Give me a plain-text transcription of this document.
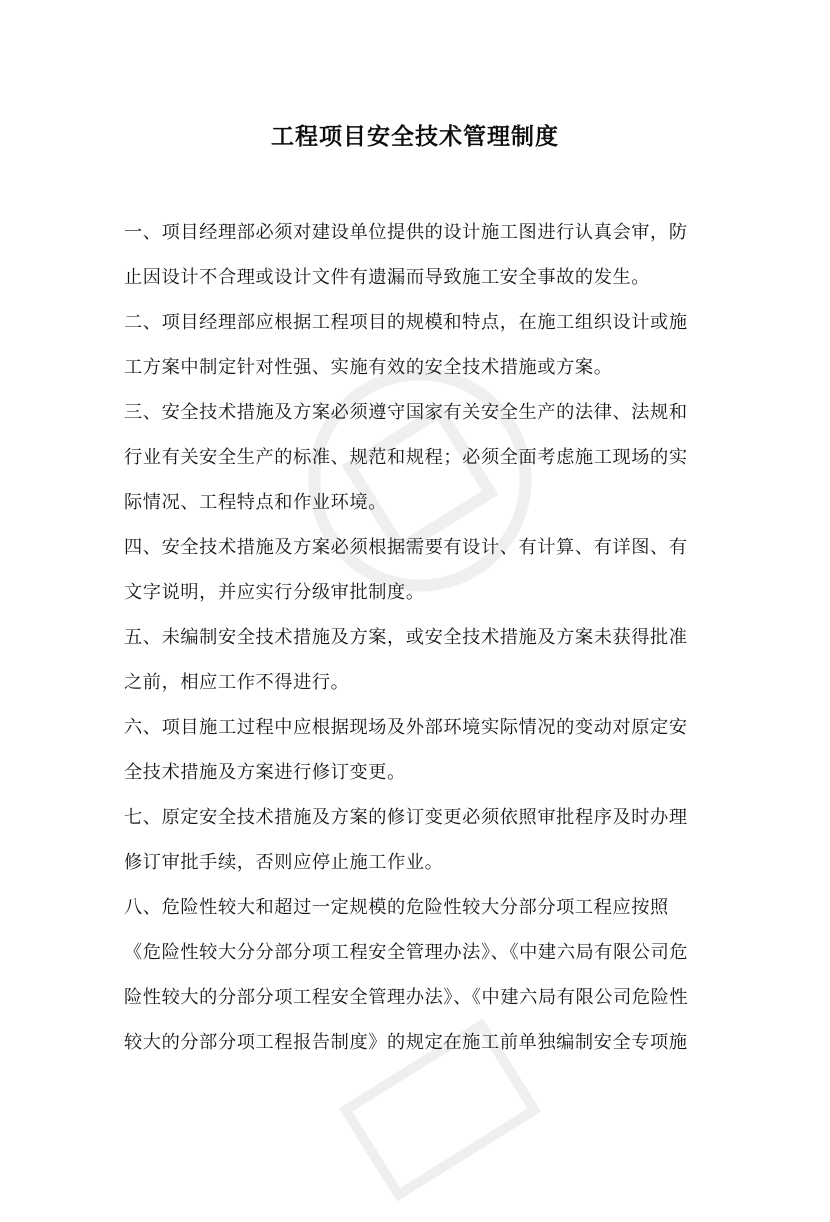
工程项目安全技术管理制度

一、项目经理部必须对建设单位提供的设计施工图进行认真会审，防
止因设计不合理或设计文件有遗漏而导致施工安全事故的发生。

二、项目经理部应根据工程项目的规模和特点，在施工组织设计或施
工方案中制定针对性强、实施有效的安全技术措施或方案。

三、安全技术措施及方案必须遵守国家有关安全生产的法律、法规和
行业有关安全生产的标准、规范和规程；必须全面考虑施工现场的实
际情况、工程特点和作业环境。

四、安全技术措施及方案必须根据需要有设计、有计算、有详图、有
文字说明，并应实行分级审批制度。

五、未编制安全技术措施及方案，或安全技术措施及方案未获得批准
之前，相应工作不得进行。

六、项目施工过程中应根据现场及外部环境实际情况的变动对原定安
全技术措施及方案进行修订变更。

七、原定安全技术措施及方案的修订变更必须依照审批程序及时办理
修订审批手续，否则应停止施工作业。

八、危险性较大和超过一定规模的危险性较大分部分项工程应按照
《危险性较大分分部分项工程安全管理办法》、《中建六局有限公司危
险性较大的分部分项工程安全管理办法》、《中建六局有限公司危险性
较大的分部分项工程报告制度》的规定在施工前单独编制安全专项施
